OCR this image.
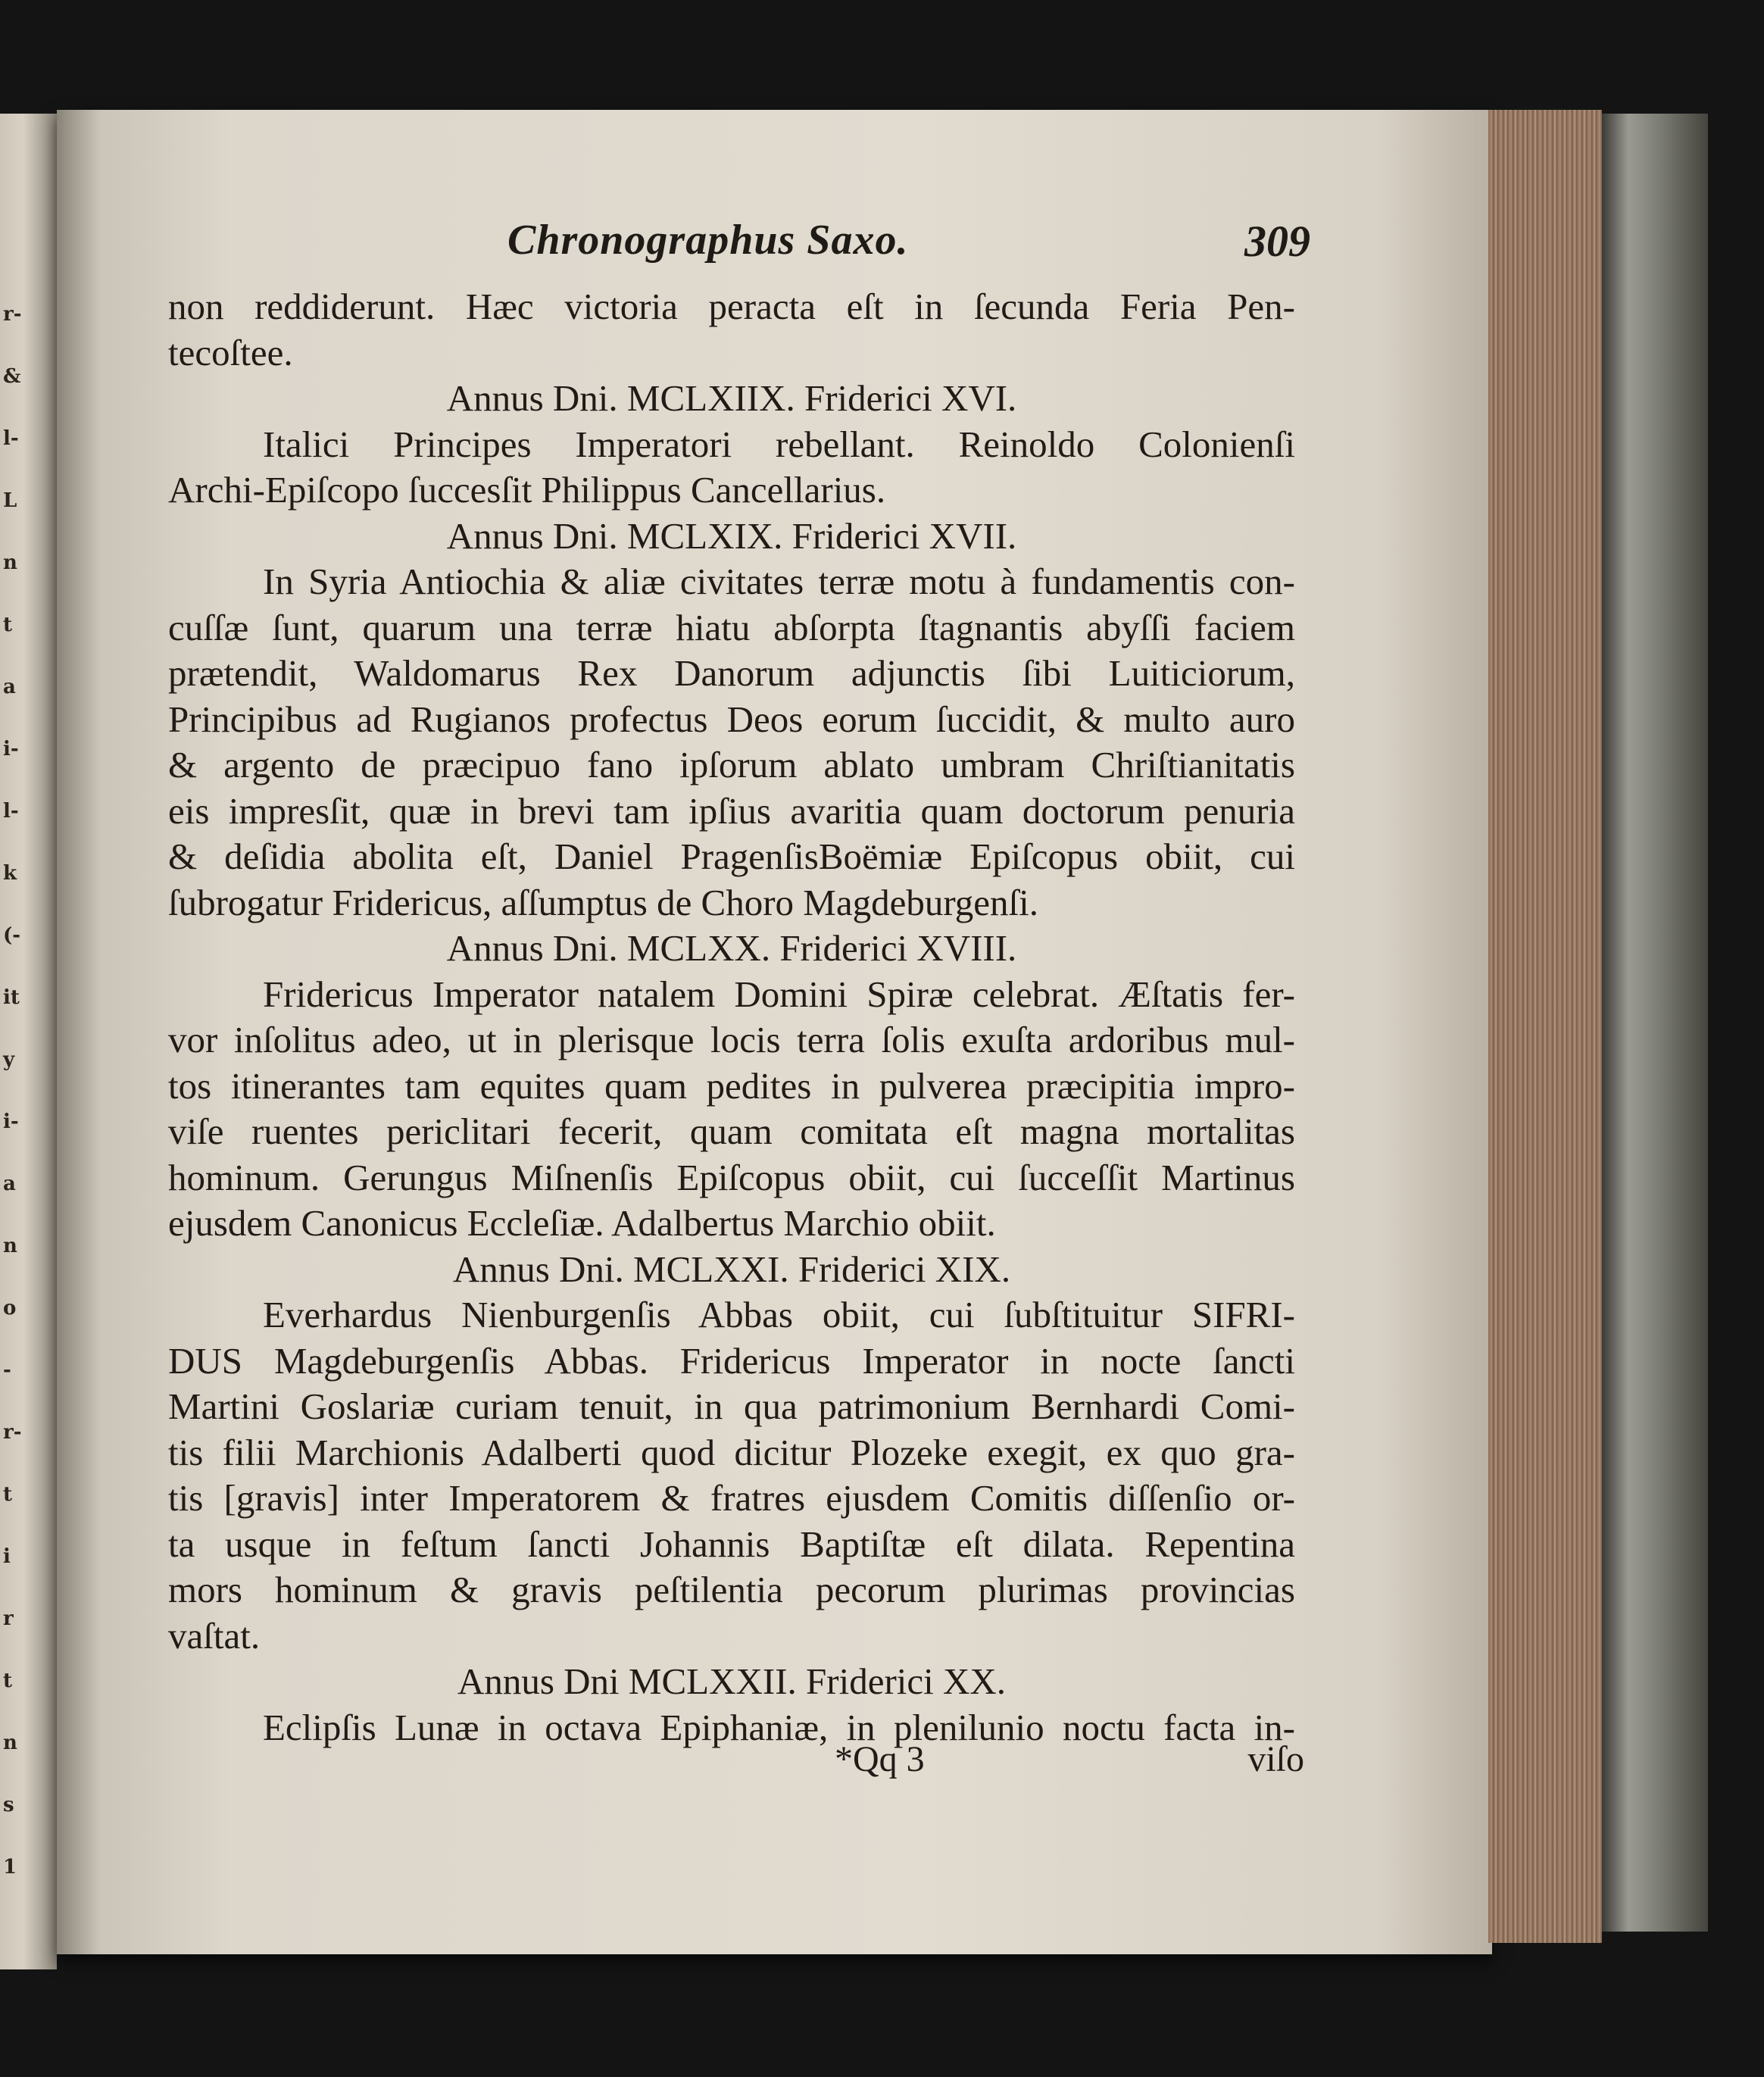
r-
&
l-
L
n
t
a
i-
l-
k
(-
it
y
i-
a
n
o
-
r-
t
i
r
t
n
s
1
Chronographus Saxo.	309
non reddiderunt. Hæc victoria peracta eſt in ſecunda Feria Pen-
tecoſtee.
Annus Dni. MCLXIIX. Friderici XVI.
Italici Principes Imperatori rebellant. Reinoldo Colonienſi
Archi-Epiſcopo ſuccesſit Philippus Cancellarius.
Annus Dni. MCLXIX. Friderici XVII.
In Syria Antiochia & aliæ civitates terræ motu à fundamentis con-
cuſſæ ſunt, quarum una terræ hiatu abſorpta ſtagnantis abyſſi faciem
prætendit, Waldomarus Rex Danorum adjunctis ſibi Luiticiorum,
Principibus ad Rugianos profectus Deos eorum ſuccidit, & multo auro
& argento de præcipuo fano ipſorum ablato umbram Chriſtianitatis
eis impresſit, quæ in brevi tam ipſius avaritia quam doctorum penuria
& deſidia abolita eſt, Daniel PragenſisBoëmiæ Epiſcopus obiit, cui
ſubrogatur Fridericus, aſſumptus de Choro Magdeburgenſi.
Annus Dni. MCLXX. Friderici XVIII.
Fridericus Imperator natalem Domini Spiræ celebrat. Æſtatis fer-
vor inſolitus adeo, ut in plerisque locis terra ſolis exuſta ardoribus mul-
tos itinerantes tam equites quam pedites in pulverea præcipitia impro-
viſe ruentes periclitari fecerit, quam comitata eſt magna mortalitas
hominum. Gerungus Miſnenſis Epiſcopus obiit, cui ſucceſſit Martinus
ejusdem Canonicus Eccleſiæ. Adalbertus Marchio obiit.
Annus Dni. MCLXXI. Friderici XIX.
Everhardus Nienburgenſis Abbas obiit, cui ſubſtituitur SIFRI-
DUS Magdeburgenſis Abbas. Fridericus Imperator in nocte ſancti
Martini Goslariæ curiam tenuit, in qua patrimonium Bernhardi Comi-
tis filii Marchionis Adalberti quod dicitur Plozeke exegit, ex quo gra-
tis [gravis] inter Imperatorem & fratres ejusdem Comitis diſſenſio or-
ta usque in feſtum ſancti Johannis Baptiſtæ eſt dilata. Repentina
mors hominum & gravis peſtilentia pecorum plurimas provincias
vaſtat.
Annus Dni MCLXXII. Friderici XX.
Eclipſis Lunæ in octava Epiphaniæ, in plenilunio noctu facta in-
*Qq 3	viſo
